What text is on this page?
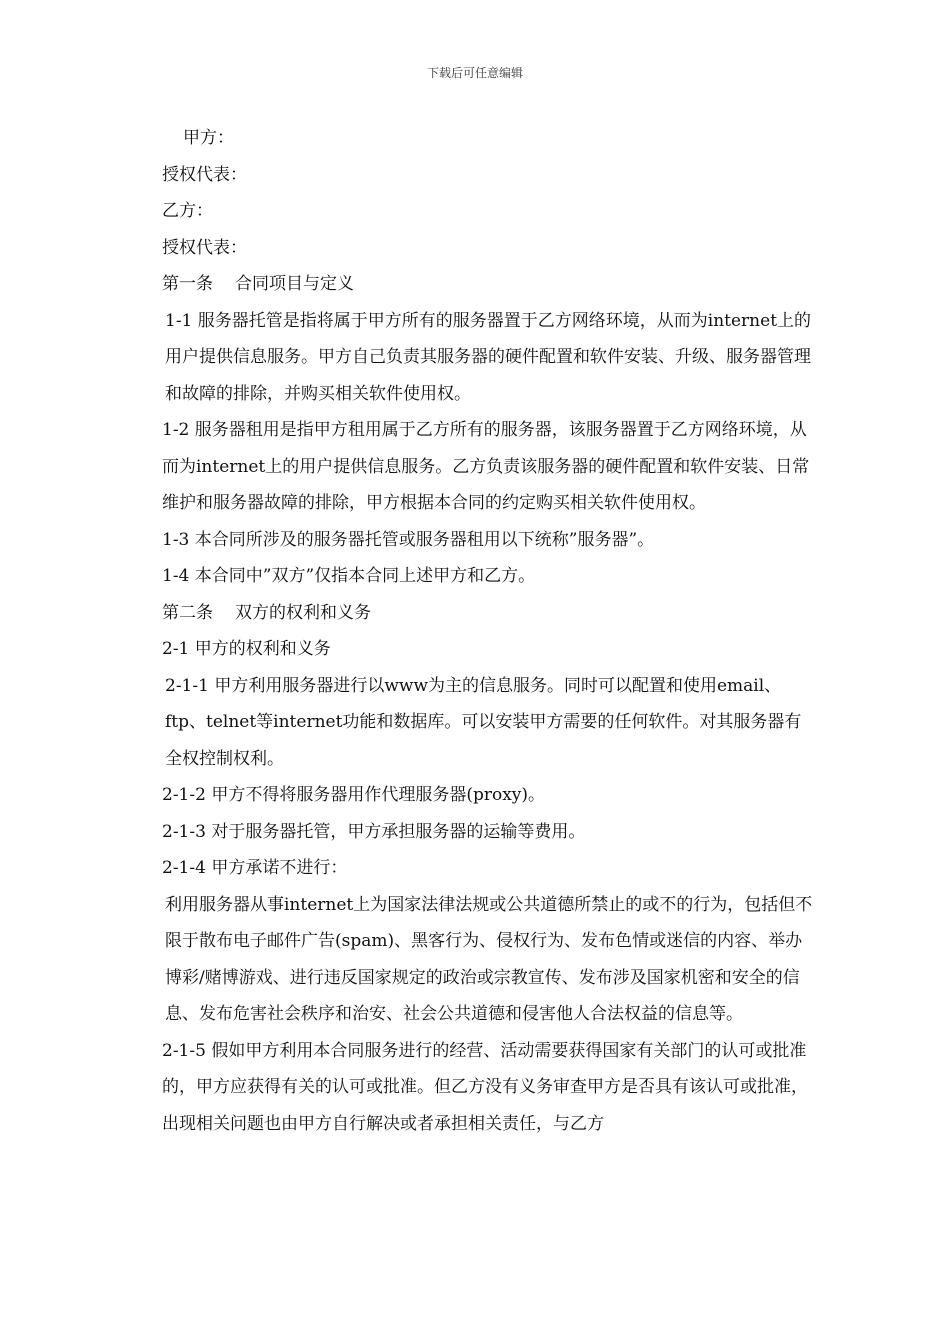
下载后可任意编辑

甲方：

授权代表：

乙方：

授权代表：

第一条 合同项目与定义

1-1 服务器托管是指将属于甲方所有的服务器置于乙方网络环境，从而为internet上的用户提供信息服务。甲方自己负责其服务器的硬件配置和软件安装、升级、服务器管理和故障的排除，并购买相关软件使用权。

1-2 服务器租用是指甲方租用属于乙方所有的服务器，该服务器置于乙方网络环境，从而为internet上的用户提供信息服务。乙方负责该服务器的硬件配置和软件安装、日常维护和服务器故障的排除，甲方根据本合同的约定购买相关软件使用权。

1-3 本合同所涉及的服务器托管或服务器租用以下统称”服务器”。

1-4 本合同中”双方”仅指本合同上述甲方和乙方。

第二条 双方的权利和义务

2-1 甲方的权利和义务

2-1-1 甲方利用服务器进行以www为主的信息服务。同时可以配置和使用email、ftp、telnet等internet功能和数据库。可以安装甲方需要的任何软件。对其服务器有全权控制权利。

2-1-2 甲方不得将服务器用作代理服务器(proxy)。

2-1-3 对于服务器托管，甲方承担服务器的运输等费用。

2-1-4 甲方承诺不进行：

利用服务器从事internet上为国家法律法规或公共道德所禁止的或不的行为，包括但不限于散布电子邮件广告(spam)、黑客行为、侵权行为、发布色情或迷信的内容、举办博彩/赌博游戏、进行违反国家规定的政治或宗教宣传、发布涉及国家机密和安全的信息、发布危害社会秩序和治安、社会公共道德和侵害他人合法权益的信息等。

2-1-5 假如甲方利用本合同服务进行的经营、活动需要获得国家有关部门的认可或批准的，甲方应获得有关的认可或批准。但乙方没有义务审查甲方是否具有该认可或批准，出现相关问题也由甲方自行解决或者承担相关责任，与乙方
